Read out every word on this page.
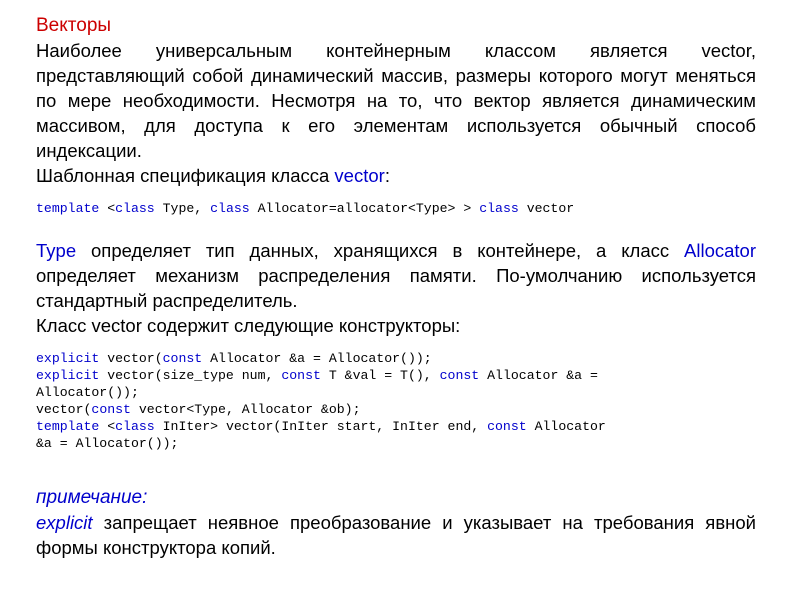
Векторы

Наиболее универсальным контейнерным классом является vector, представляющий собой динамический массив, размеры которого могут меняться по мере необходимости. Несмотря на то, что вектор является динамическим массивом, для доступа к его элементам используется обычный способ индексации.

Шаблонная спецификация класса vector:

template <class Type, class Allocator=allocator<Type> > class vector

Type определяет тип данных, хранящихся в контейнере, а класс Allocator определяет механизм распределения памяти. По-умолчанию используется стандартный распределитель.

Класс vector содержит следующие конструкторы:

explicit vector(const Allocator &a = Allocator());

explicit vector(size_type num, const T &val = T(), const Allocator &a =

Allocator());

vector(const vector<Type, Allocator &ob);

template <class InIter> vector(InIter start, InIter end, const Allocator

&a = Allocator());

примечание:

explicit запрещает неявное преобразование и указывает на требования явной формы конструктора копий.
